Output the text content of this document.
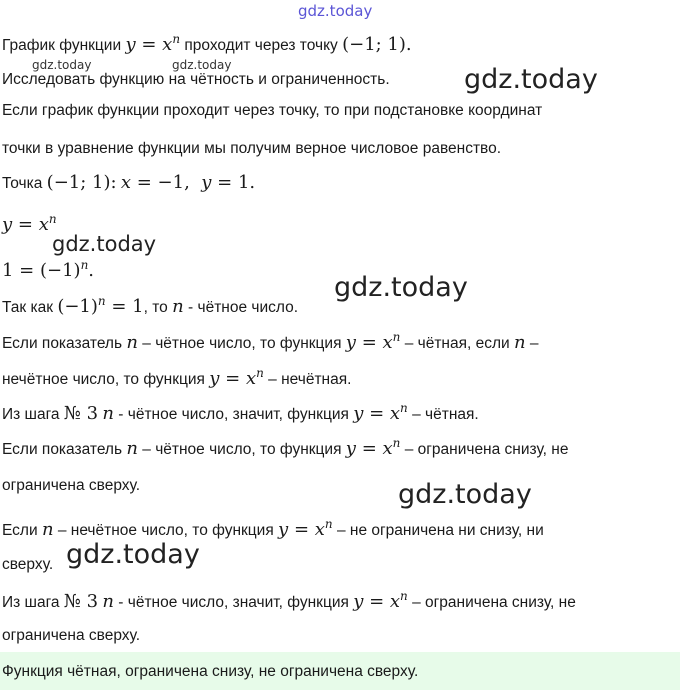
gdz.today
gdz.today	gdz.today	gdz.today
gdz.today
gdz.today
gdz.today
gdz.today
График функции $y = x^n$ проходит через точку (−1; 1).
Исследовать функцию на чётность и ограниченность.
Если график функции проходит через точку, то при подстановке координат
точки в уравнение функции мы получим верное числовое равенство.
Точка (−1; 1): x = −1,  y = 1.
$y = x^n$
$1 = (-1)^n$.
Так как $(-1)^n = 1$, то n - чётное число.
Если показатель n – чётное число, то функция $y = x^n$ – чётная, если n –
нечётное число, то функция $y = x^n$ – нечётная.
Из шага № 3 n - чётное число, значит, функция $y = x^n$ – чётная.
Если показатель n – чётное число, то функция $y = x^n$ – ограничена снизу, не
ограничена сверху.
Если n – нечётное число, то функция $y = x^n$ – не ограничена ни снизу, ни
сверху.
Из шага № 3 n - чётное число, значит, функция $y = x^n$ – ограничена снизу, не
ограничена сверху.
Функция чётная, ограничена снизу, не ограничена сверху.
